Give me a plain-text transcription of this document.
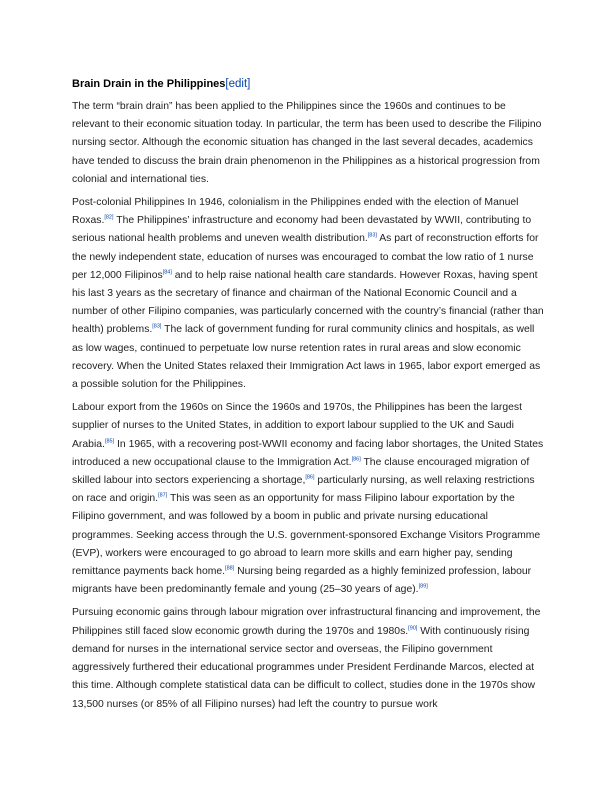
Brain Drain in the Philippines[edit]

The term “brain drain” has been applied to the Philippines since the 1960s and continues to be relevant to their economic situation today. In particular, the term has been used to describe the Filipino nursing sector. Although the economic situation has changed in the last several decades, academics have tended to discuss the brain drain phenomenon in the Philippines as a historical progression from colonial and international ties.

Post-colonial Philippines In 1946, colonialism in the Philippines ended with the election of Manuel Roxas.[82] The Philippines’ infrastructure and economy had been devastated by WWII, contributing to serious national health problems and uneven wealth distribution.[83] As part of reconstruction efforts for the newly independent state, education of nurses was encouraged to combat the low ratio of 1 nurse per 12,000 Filipinos[84] and to help raise national health care standards. However Roxas, having spent his last 3 years as the secretary of finance and chairman of the National Economic Council and a number of other Filipino companies, was particularly concerned with the country’s financial (rather than health) problems.[83] The lack of government funding for rural community clinics and hospitals, as well as low wages, continued to perpetuate low nurse retention rates in rural areas and slow economic recovery. When the United States relaxed their Immigration Act laws in 1965, labor export emerged as a possible solution for the Philippines.

Labour export from the 1960s on Since the 1960s and 1970s, the Philippines has been the largest supplier of nurses to the United States, in addition to export labour supplied to the UK and Saudi Arabia.[85] In 1965, with a recovering post-WWII economy and facing labor shortages, the United States introduced a new occupational clause to the Immigration Act.[86] The clause encouraged migration of skilled labour into sectors experiencing a shortage,[86] particularly nursing, as well relaxing restrictions on race and origin.[87] This was seen as an opportunity for mass Filipino labour exportation by the Filipino government, and was followed by a boom in public and private nursing educational programmes. Seeking access through the U.S. government-sponsored Exchange Visitors Programme (EVP), workers were encouraged to go abroad to learn more skills and earn higher pay, sending remittance payments back home.[88] Nursing being regarded as a highly feminized profession, labour migrants have been predominantly female and young (25–30 years of age).[89]

Pursuing economic gains through labour migration over infrastructural financing and improvement, the Philippines still faced slow economic growth during the 1970s and 1980s.[90] With continuously rising demand for nurses in the international service sector and overseas, the Filipino government aggressively furthered their educational programmes under President Ferdinande Marcos, elected at this time. Although complete statistical data can be difficult to collect, studies done in the 1970s show 13,500 nurses (or 85% of all Filipino nurses) had left the country to pursue work
